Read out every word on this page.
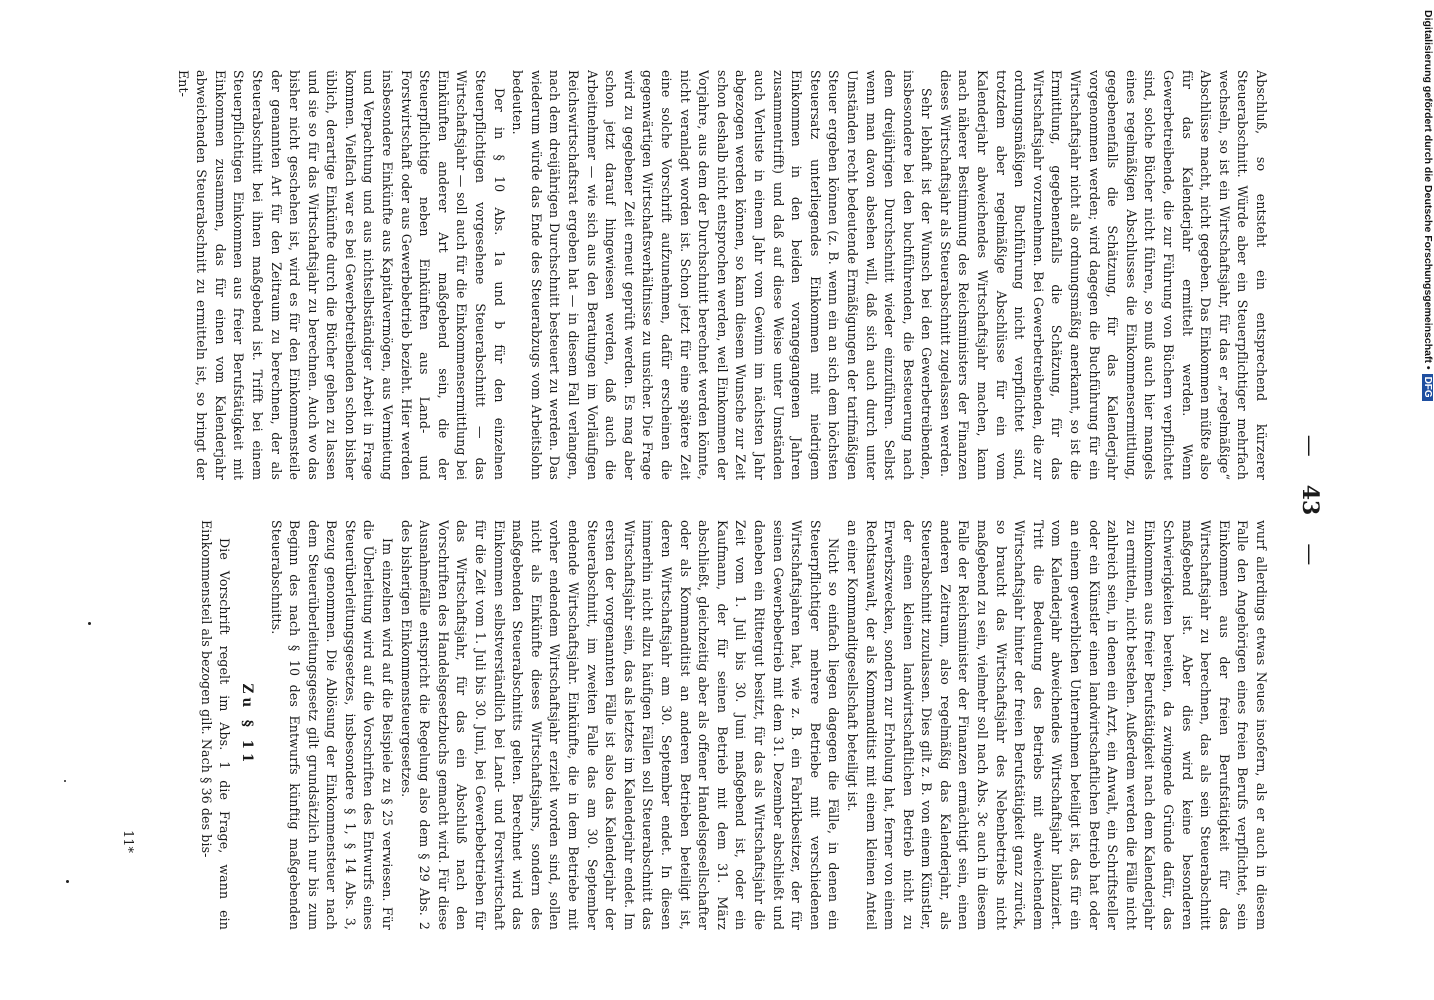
—
43
—

Abschluß, so entsteht ein entsprechend kürzerer Steuerabschnitt. Würde aber ein Steuerpflichtiger mehrfach wechseln, so ist ein Wirtschaftsjahr, für das er „regelmäßige“ Abschlüsse macht, nicht gegeben. Das Einkommen müßte also für das Kalenderjahr ermittelt werden. Wenn Gewerbetreibende, die zur Führung von Büchern verpflichtet sind, solche Bücher nicht führen, so muß auch hier mangels eines regelmäßigen Abschlusses die Einkommensermittlung, gegebenenfalls die Schätzung, für das Kalenderjahr vorgenommen werden; wird dagegen die Buchführung für ein Wirtschaftsjahr nicht als ordnungsmäßig anerkannt, so ist die Ermittlung, gegebenenfalls die Schätzung, für das Wirtschaftsjahr vorzunehmen. Bei Gewerbetreibenden, die zur ordnungsmäßigen Buchführung nicht verpflichtet sind, trotzdem aber regelmäßige Abschlüsse für ein vom Kalenderjahr abweichendes Wirtschaftsjahr machen, kann nach näherer Bestimmung des Reichsministers der Finanzen dieses Wirtschaftsjahr als Steuerabschnitt zugelassen werden.

Sehr lebhaft ist der Wunsch bei den Gewerbetreibenden, insbesondere bei den buchführenden, die Besteuerung nach dem dreijährigen Durchschnitt wieder einzuführen. Selbst wenn man davon absehen will, daß sich auch durch unter Umständen recht bedeutende Ermäßigungen der tarifmäßigen Steuer ergeben können (z. B. wenn ein an sich dem höchsten Steuersatz unterliegendes Einkommen mit niedrigem Einkommen in den beiden vorangegangenen Jahren zusammentrifft) und daß auf diese Weise unter Umständen auch Verluste in einem Jahr vom Gewinn im nächsten Jahr abgezogen werden können, so kann diesem Wunsche zur Zeit schon deshalb nicht entsprochen werden, weil Einkommen der Vorjahre, aus dem der Durchschnitt berechnet werden könnte, nicht veranlagt worden ist. Schon jetzt für eine spätere Zeit eine solche Vorschrift aufzunehmen, dafür erscheinen die gegenwärtigen Wirtschaftsverhältnisse zu unsicher. Die Frage wird zu gegebener Zeit erneut geprüft werden. Es mag aber schon jetzt darauf hingewiesen werden, daß auch die Arbeitnehmer — wie sich aus den Beratungen im Vorläufigen Reichswirtschaftsrat ergeben hat — in diesem Fall verlangen, nach dem dreijährigen Durchschnitt besteuert zu werden. Das wiederum würde das Ende des Steuerabzugs vom Arbeitslohn bedeuten.

Der in § 10 Abs. 1a und b für den einzelnen Steuerpflichtigen vorgesehene Steuerabschnitt — das Wirtschaftsjahr — soll auch für die Einkommensermittlung bei Einkünften anderer Art maßgebend sein, die der Steuerpflichtige neben Einkünften aus Land- und Forstwirtschaft oder aus Gewerbebetrieb bezieht. Hier werden insbesondere Einkünfte aus Kapitalvermögen, aus Vermietung und Verpachtung und aus nichtselbständiger Arbeit in Frage kommen. Vielfach war es bei Gewerbetreibenden schon bisher üblich, derartige Einkünfte durch die Bücher gehen zu lassen und sie so für das Wirtschaftsjahr zu berechnen. Auch wo das bisher nicht geschehen ist, wird es für den Einkommensteile der genannten Art für den Zeitraum zu berechnen, der als Steuerabschnitt bei ihnen maßgebend ist. Trifft bei einem Steuerpflichtigen Einkommen aus freier Berufstätigkeit mit Einkommen zusammen, das für einen vom Kalenderjahr abweichenden Steuerabschnitt zu ermitteln ist, so bringt der Ent-

wurf allerdings etwas Neues insofern, als er auch in diesem Falle den Angehörigen eines freien Berufs verpflichtet, sein Einkommen aus der freien Berufstätigkeit für das Wirtschaftsjahr zu berechnen, das als sein Steuerabschnitt maßgebend ist. Aber dies wird keine besonderen Schwierigkeiten bereiten, da zwingende Gründe dafür, das Einkommen aus freier Berufstätigkeit nach dem Kalenderjahr zu ermitteln, nicht bestehen. Außerdem werden die Fälle nicht zahlreich sein, in denen ein Arzt, ein Anwalt, ein Schriftsteller oder ein Künstler einen landwirtschaftlichen Betrieb hat oder an einem gewerblichen Unternehmen beteiligt ist, das für ein vom Kalenderjahr abweichendes Wirtschaftsjahr bilanziert. Tritt die Bedeutung des Betriebs mit abweichendem Wirtschaftsjahr hinter der freien Berufstätigkeit ganz zurück, so braucht das Wirtschaftsjahr des Nebenbetriebs nicht maßgebend zu sein, vielmehr soll nach Abs. 3c auch in diesem Falle der Reichsminister der Finanzen ermächtigt sein, einen anderen Zeitraum, also regelmäßig das Kalenderjahr, als Steuerabschnitt zuzulassen. Dies gilt z. B. von einem Künstler, der einen kleinen landwirtschaftlichen Betrieb nicht zu Erwerbszwecken, sondern zur Erholung hat, ferner von einem Rechtsanwalt, der als Kommanditist mit einem kleinen Anteil an einer Kommanditgesellschaft beteiligt ist.

Nicht so einfach liegen dagegen die Fälle, in denen ein Steuerpflichtiger mehrere Betriebe mit verschiedenen Wirtschaftsjahren hat, wie z. B. ein Fabrikbesitzer, der für seinen Gewerbebetrieb mit dem 31. Dezember abschließt und daneben ein Rittergut besitzt, für das als Wirtschaftsjahr die Zeit vom 1. Juli bis 30. Juni maßgebend ist, oder ein Kaufmann, der für seinen Betrieb mit dem 31. März abschließt, gleichzeitig aber als offener Handelsgesellschafter oder als Kommanditist an anderen Betrieben beteiligt ist, deren Wirtschaftsjahr am 30. September endet. In diesen immerhin nicht allzu häufigen Fällen soll Steuerabschnitt das Wirtschaftsjahr sein, das als letztes im Kalenderjahr endet. Im ersten der vorgenannten Fälle ist also das Kalenderjahr der Steuerabschnitt, im zweiten Falle das am 30. September endende Wirtschaftsjahr. Einkünfte, die in dem Betriebe mit vorher endendem Wirtschaftsjahr erzielt worden sind, sollen nicht als Einkünfte dieses Wirtschaftsjahrs, sondern des maßgebenden Steuerabschnitts gelten. Berechnet wird das Einkommen selbstverständlich bei Land- und Forstwirtschaft für die Zeit vom 1. Juli bis 30. Juni, bei Gewerbebetrieben für das Wirtschaftsjahr, für das ein Abschluß nach den Vorschriften des Handelsgesetzbuchs gemacht wird. Für diese Ausnahmefälle entspricht die Regelung also dem § 29 Abs. 2 des bisherigen Einkommensteuergesetzes.

Im einzelnen wird auf die Beispiele zu § 25 verwiesen. Für die Überleitung wird auf die Vorschriften des Entwurfs eines Steuerüberleitungsgesetzes, insbesondere § 1, § 14 Abs. 3, Bezug genommen. Die Ablösung der Einkommensteuer nach dem Steuerüberleitungsgesetz gilt grundsätzlich nur bis zum Beginn des nach § 10 des Entwurfs künftig maßgebenden Steuerabschnitts.

Zu § 11

Die Vorschrift regelt im Abs. 1 die Frage, wann ein Einkommensteil als bezogen gilt. Nach § 36 des bis-

11*
Digitalisierung gefördert durch die Deutsche Forschungsgemeinschaft •DFG
